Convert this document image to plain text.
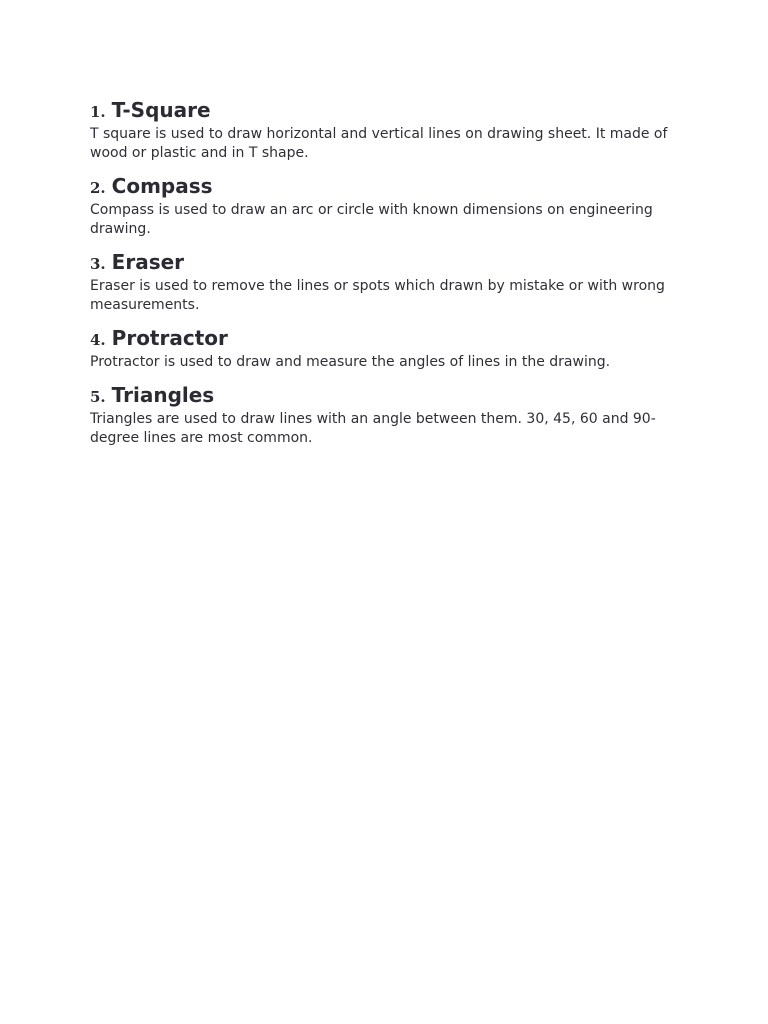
1. T-Square

T square is used to draw horizontal and vertical lines on drawing sheet. It made of wood or plastic and in T shape.

2. Compass

Compass is used to draw an arc or circle with known dimensions on engineering drawing.

3. Eraser

Eraser is used to remove the lines or spots which drawn by mistake or with wrong measurements.

4. Protractor

Protractor is used to draw and measure the angles of lines in the drawing.

5. Triangles

Triangles are used to draw lines with an angle between them. 30, 45, 60 and 90-degree lines are most common.
